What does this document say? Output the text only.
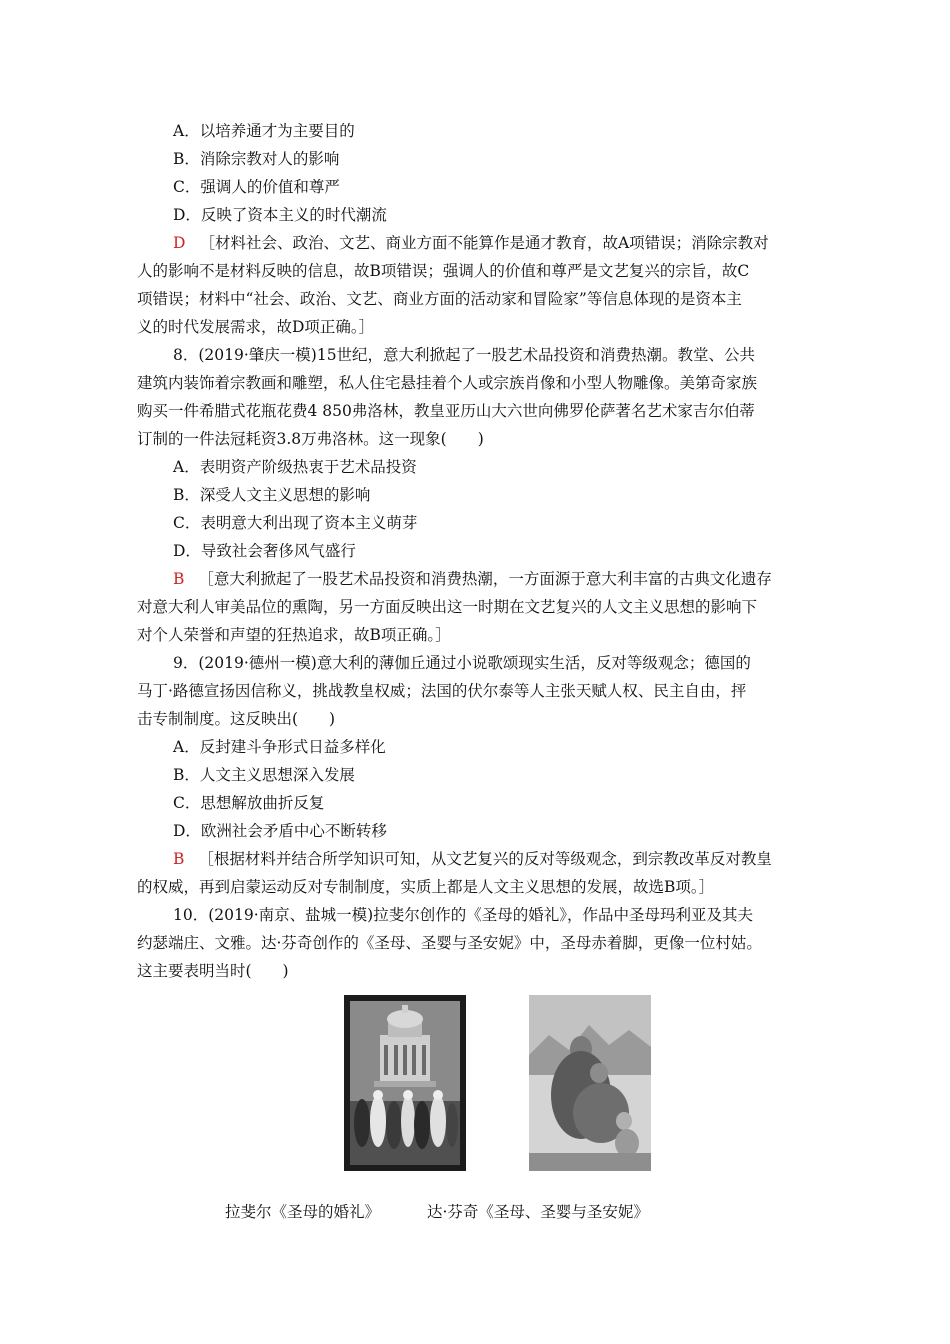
A．以培养通才为主要目的
B．消除宗教对人的影响
C．强调人的价值和尊严
D．反映了资本主义的时代潮流
D ［材料社会、政治、文艺、商业方面不能算作是通才教育，故A项错误；消除宗教对
人的影响不是材料反映的信息，故B项错误；强调人的价值和尊严是文艺复兴的宗旨，故C
项错误；材料中“社会、政治、文艺、商业方面的活动家和冒险家”等信息体现的是资本主
义的时代发展需求，故D项正确。］
8．(2019·肇庆一模)15世纪，意大利掀起了一股艺术品投资和消费热潮。教堂、公共
建筑内装饰着宗教画和雕塑，私人住宅悬挂着个人或宗族肖像和小型人物雕像。美第奇家族
购买一件希腊式花瓶花费4 850弗洛林，教皇亚历山大六世向佛罗伦萨著名艺术家吉尔伯蒂
订制的一件法冠耗资3.8万弗洛林。这一现象(　　)
A．表明资产阶级热衷于艺术品投资
B．深受人文主义思想的影响
C．表明意大利出现了资本主义萌芽
D．导致社会奢侈风气盛行
B ［意大利掀起了一股艺术品投资和消费热潮，一方面源于意大利丰富的古典文化遗存
对意大利人审美品位的熏陶，另一方面反映出这一时期在文艺复兴的人文主义思想的影响下
对个人荣誉和声望的狂热追求，故B项正确。］
9．(2019·德州一模)意大利的薄伽丘通过小说歌颂现实生活，反对等级观念；德国的
马丁·路德宣扬因信称义，挑战教皇权威；法国的伏尔泰等人主张天赋人权、民主自由，抨
击专制制度。这反映出(　　)
A．反封建斗争形式日益多样化
B．人文主义思想深入发展
C．思想解放曲折反复
D．欧洲社会矛盾中心不断转移
B ［根据材料并结合所学知识可知，从文艺复兴的反对等级观念，到宗教改革反对教皇
的权威，再到启蒙运动反对专制制度，实质上都是人文主义思想的发展，故选B项。］
10．(2019·南京、盐城一模)拉斐尔创作的《圣母的婚礼》，作品中圣母玛利亚及其夫
约瑟端庄、文雅。达·芬奇创作的《圣母、圣婴与圣安妮》中，圣母赤着脚，更像一位村姑。
这主要表明当时(　　)
拉斐尔《圣母的婚礼》	达·芬奇《圣母、圣婴与圣安妮》
